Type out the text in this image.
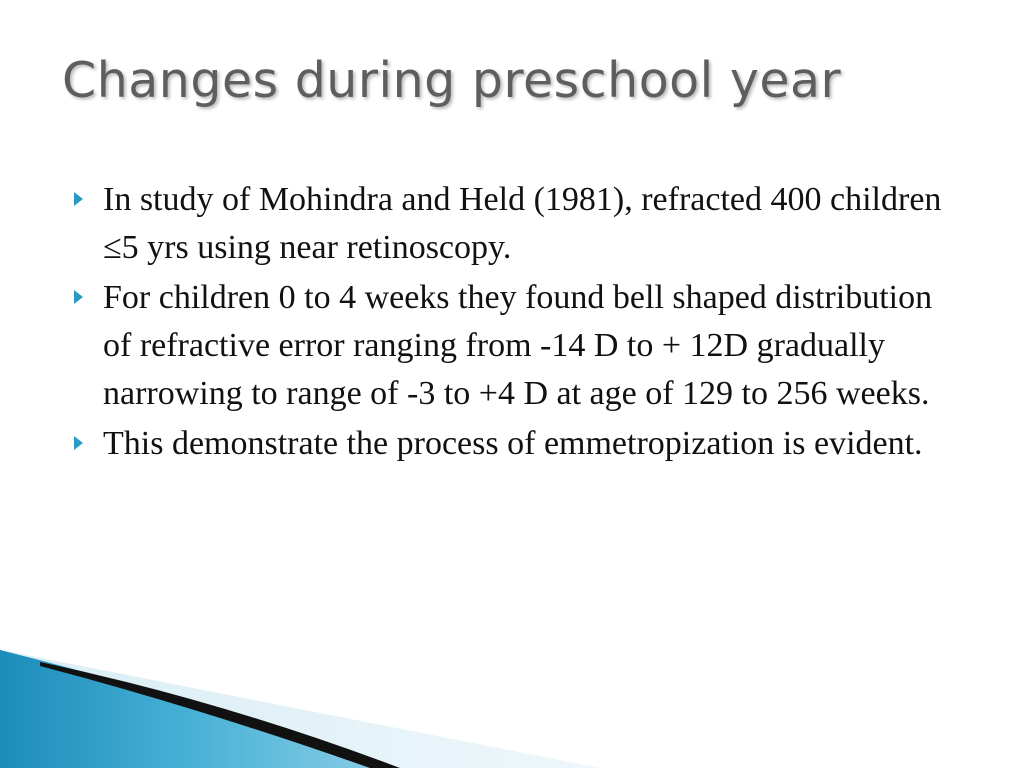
Changes during preschool year
In study of Mohindra and Held (1981), refracted 400 children ≤5 yrs using near retinoscopy.
For children 0 to 4 weeks they found bell shaped distribution of refractive error ranging from -14 D to + 12D gradually narrowing to range of -3 to +4 D at age of 129 to 256 weeks.
This demonstrate the process of emmetropization is evident.
